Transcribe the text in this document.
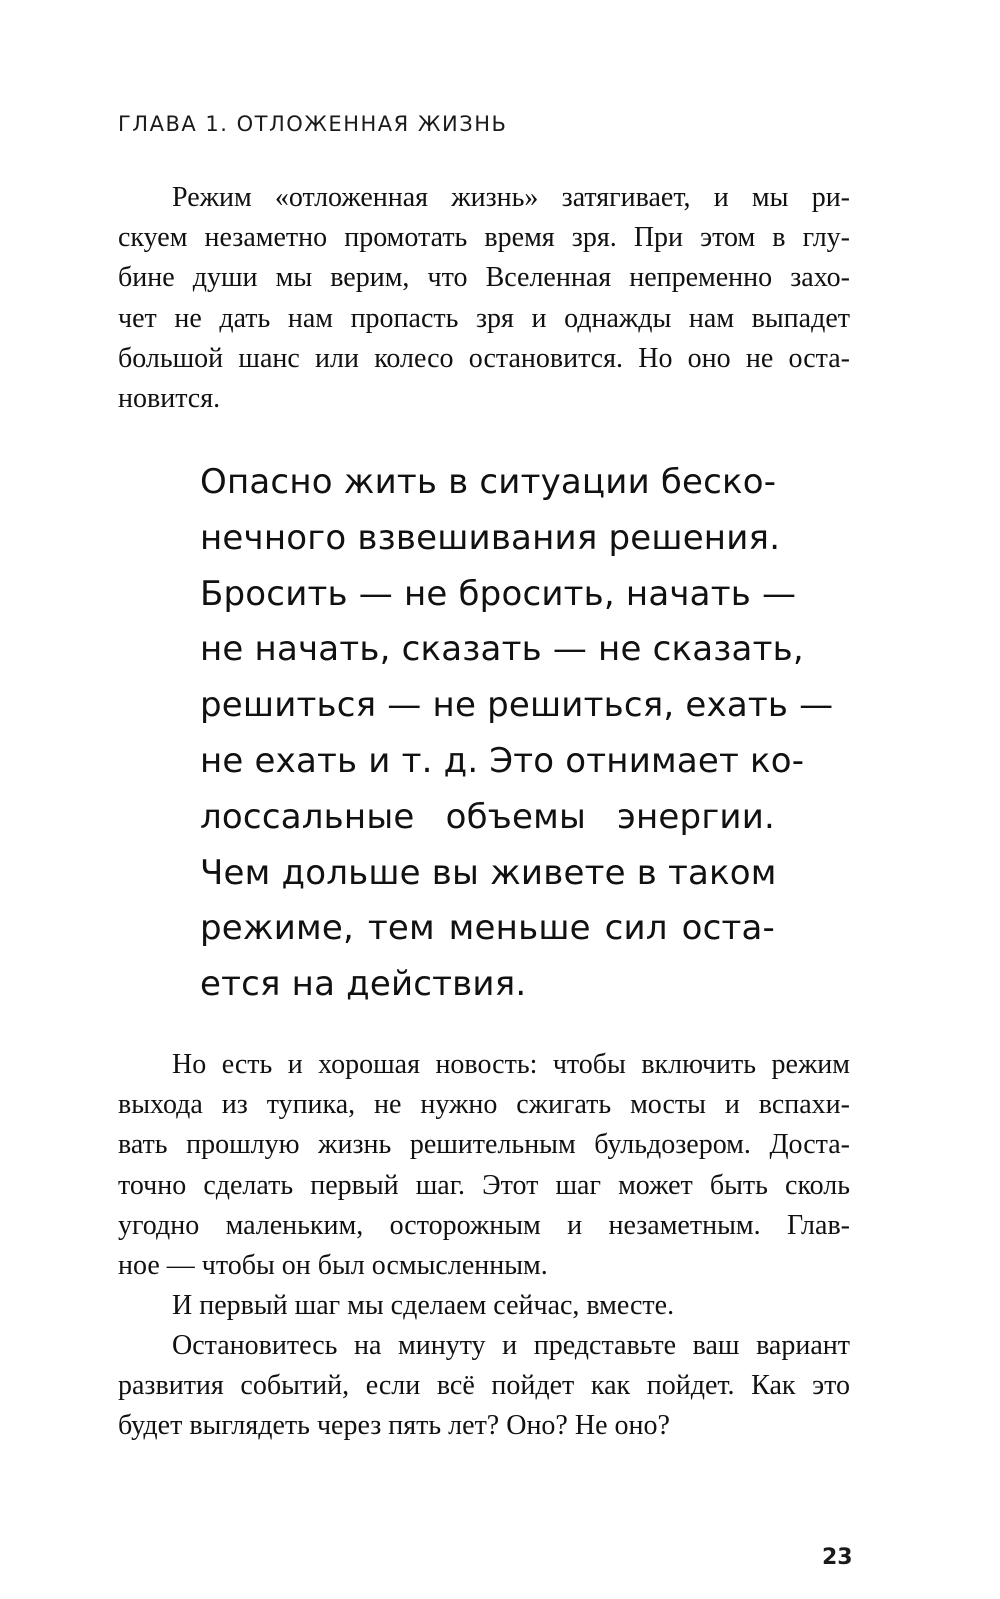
ГЛАВА 1. ОТЛОЖЕННАЯ ЖИЗНЬ
Режим «отложенная жизнь» затягивает, и мы ри-
скуем незаметно промотать время зря. При этом в глу-
бине души мы верим, что Вселенная непременно захо-
чет не дать нам пропасть зря и однажды нам выпадет
большой шанс или колесо остановится. Но оно не оста-
новится.
Опасно жить в ситуации беско-
нечного взвешивания решения.
Бросить — не бросить, начать —
не начать, сказать — не сказать,
решиться — не решиться, ехать —
не ехать и т. д. Это отнимает ко-
лоссальные объемы энергии.
Чем дольше вы живете в таком
режиме, тем меньше сил оста-
ется на действия.
Но есть и хорошая новость: чтобы включить режим
выхода из тупика, не нужно сжигать мосты и вспахи-
вать прошлую жизнь решительным бульдозером. Доста-
точно сделать первый шаг. Этот шаг может быть сколь
угодно маленьким, осторожным и незаметным. Глав-
ное — чтобы он был осмысленным.
И первый шаг мы сделаем сейчас, вместе.
Остановитесь на минуту и представьте ваш вариант
развития событий, если всё пойдет как пойдет. Как это
будет выглядеть через пять лет? Оно? Не оно?
23
